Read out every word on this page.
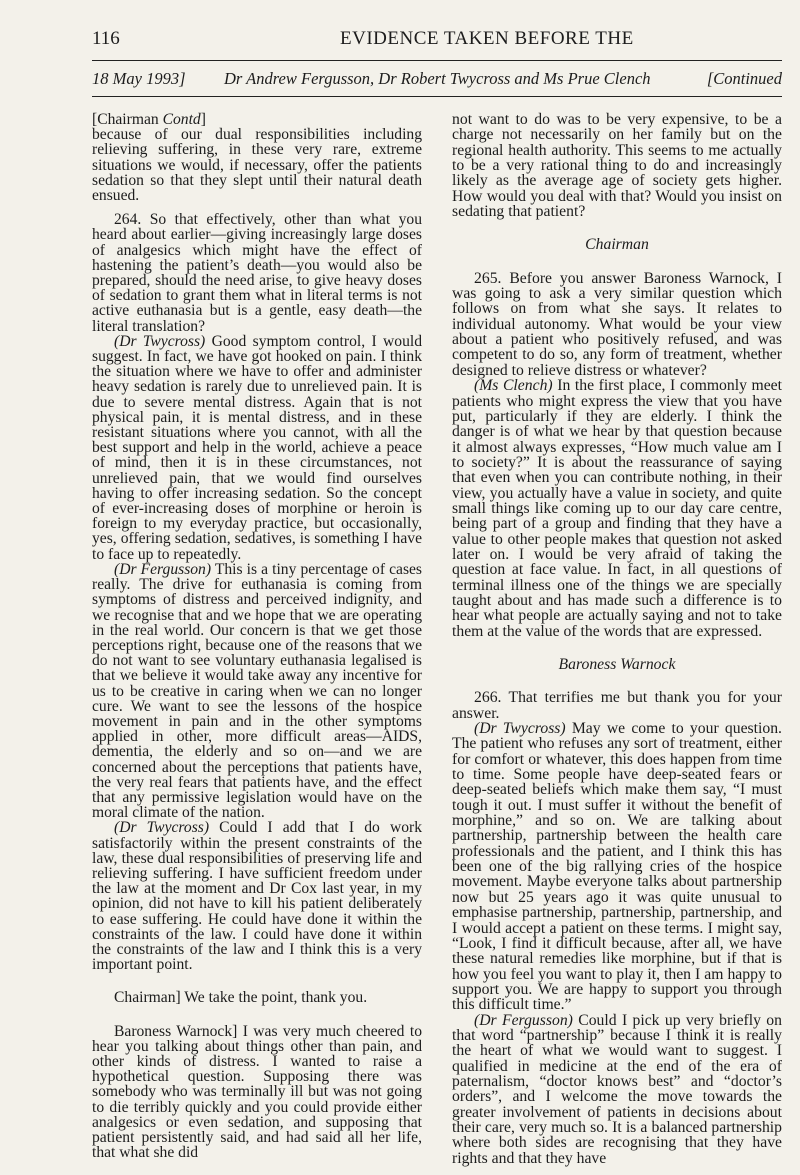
116	EVIDENCE TAKEN BEFORE THE
18 May 1993] Dr Andrew Fergusson, Dr Robert Twycross and Ms Prue Clench	[Continued

[Chairman Contd]

because of our dual responsibilities including relieving suffering, in these very rare, extreme situations we would, if necessary, offer the patients sedation so that they slept until their natural death ensued.

264. So that effectively, other than what you heard about earlier—giving increasingly large doses of analgesics which might have the effect of hastening the patient’s death—you would also be prepared, should the need arise, to give heavy doses of sedation to grant them what in literal terms is not active euthanasia but is a gentle, easy death—the literal translation?

(Dr Twycross) Good symptom control, I would suggest. In fact, we have got hooked on pain. I think the situation where we have to offer and administer heavy sedation is rarely due to unrelieved pain. It is due to severe mental distress. Again that is not physical pain, it is mental distress, and in these resistant situations where you cannot, with all the best support and help in the world, achieve a peace of mind, then it is in these circumstances, not unrelieved pain, that we would find ourselves having to offer increasing sedation. So the concept of ever-increasing doses of morphine or heroin is foreign to my everyday practice, but occasionally, yes, offering sedation, sedatives, is something I have to face up to repeatedly.

(Dr Fergusson) This is a tiny percentage of cases really. The drive for euthanasia is coming from symptoms of distress and perceived indignity, and we recognise that and we hope that we are operating in the real world. Our concern is that we get those perceptions right, because one of the reasons that we do not want to see voluntary euthanasia legalised is that we believe it would take away any incentive for us to be creative in caring when we can no longer cure. We want to see the lessons of the hospice movement in pain and in the other symptoms applied in other, more difficult areas—AIDS, dementia, the elderly and so on—and we are concerned about the perceptions that patients have, the very real fears that patients have, and the effect that any permissive legislation would have on the moral climate of the nation.

(Dr Twycross) Could I add that I do work satisfactorily within the present constraints of the law, these dual responsibilities of preserving life and relieving suffering. I have sufficient freedom under the law at the moment and Dr Cox last year, in my opinion, did not have to kill his patient deliberately to ease suffering. He could have done it within the constraints of the law. I could have done it within the constraints of the law and I think this is a very important point.

Chairman] We take the point, thank you.

Baroness Warnock] I was very much cheered to hear you talking about things other than pain, and other kinds of distress. I wanted to raise a hypothetical question. Supposing there was somebody who was terminally ill but was not going to die terribly quickly and you could provide either analgesics or even sedation, and supposing that patient persistently said, and had said all her life, that what she did

not want to do was to be very expensive, to be a charge not necessarily on her family but on the regional health authority. This seems to me actually to be a very rational thing to do and increasingly likely as the average age of society gets higher. How would you deal with that? Would you insist on sedating that patient?

Chairman

265. Before you answer Baroness Warnock, I was going to ask a very similar question which follows on from what she says. It relates to individual autonomy. What would be your view about a patient who positively refused, and was competent to do so, any form of treatment, whether designed to relieve distress or whatever?

(Ms Clench) In the first place, I commonly meet patients who might express the view that you have put, particularly if they are elderly. I think the danger is of what we hear by that question because it almost always expresses, “How much value am I to society?” It is about the reassurance of saying that even when you can contribute nothing, in their view, you actually have a value in society, and quite small things like coming up to our day care centre, being part of a group and finding that they have a value to other people makes that question not asked later on. I would be very afraid of taking the question at face value. In fact, in all questions of terminal illness one of the things we are specially taught about and has made such a difference is to hear what people are actually saying and not to take them at the value of the words that are expressed.

Baroness Warnock

266. That terrifies me but thank you for your answer.

(Dr Twycross) May we come to your question. The patient who refuses any sort of treatment, either for comfort or whatever, this does happen from time to time. Some people have deep-seated fears or deep-seated beliefs which make them say, “I must tough it out. I must suffer it without the benefit of morphine,” and so on. We are talking about partnership, partnership between the health care professionals and the patient, and I think this has been one of the big rallying cries of the hospice movement. Maybe everyone talks about partnership now but 25 years ago it was quite unusual to emphasise partnership, partnership, partnership, and I would accept a patient on these terms. I might say, “Look, I find it difficult because, after all, we have these natural remedies like morphine, but if that is how you feel you want to play it, then I am happy to support you. We are happy to support you through this difficult time.”

(Dr Fergusson) Could I pick up very briefly on that word “partnership” because I think it is really the heart of what we would want to suggest. I qualified in medicine at the end of the era of paternalism, “doctor knows best” and “doctor’s orders”, and I welcome the move towards the greater involvement of patients in decisions about their care, very much so. It is a balanced partnership where both sides are recognising that they have rights and that they have
